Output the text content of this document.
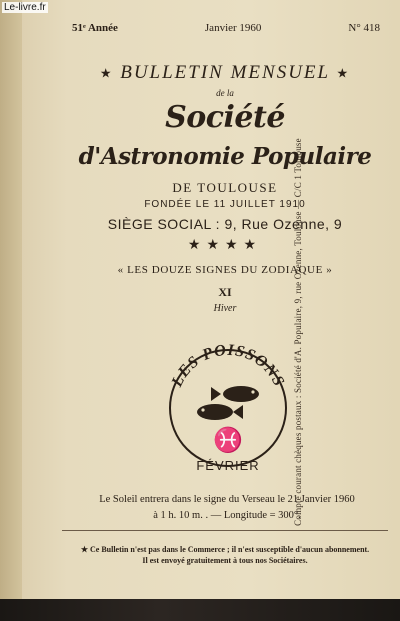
Le-livre.fr
Compte courant chèques postaux : Société d'A. Populaire, 9, rue Ozenne, Toulouse — C/C 1 Toulouse
51ᵉ Année	Janvier 1960	N° 418
★ BULLETIN MENSUEL ★
de la
Société
d'Astronomie Populaire
DE TOULOUSE
FONDÉE LE 11 JUILLET 1910
SIÈGE SOCIAL : 9, Rue Ozenne, 9
★★★★
« LES DOUZE SIGNES DU ZODIAQUE »
XI
Hiver
LES POISSONS
♓
FÉVRIER
Le Soleil entrera dans le signe du Verseau le 21 Janvier 1960
à 1 h. 10 m. . — Longitude = 300°.
★ Ce Bulletin n'est pas dans le Commerce ; il n'est susceptible d'aucun abonnement.
Il est envoyé gratuitement à tous nos Sociétaires.
